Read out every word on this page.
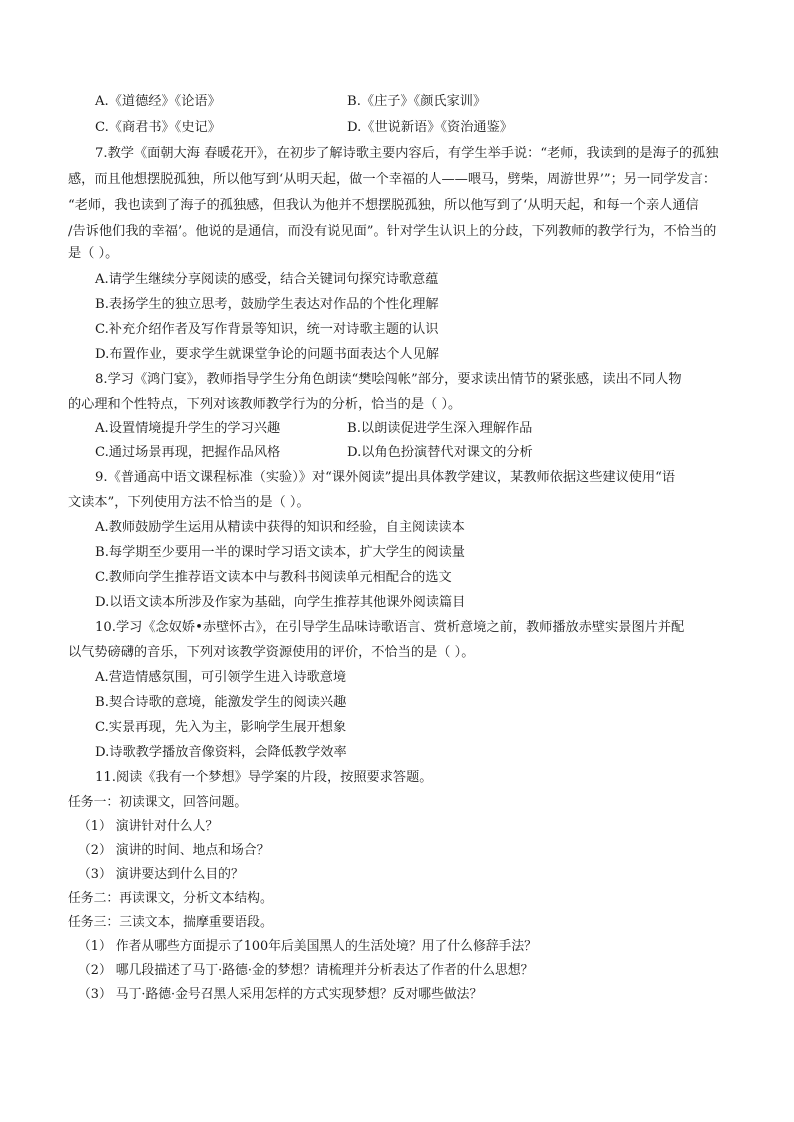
A.《道德经》《论语》	B.《庄子》《颜氏家训》
C.《商君书》《史记》	D.《世说新语》《资治通鉴》
7.教学《面朝大海 春暖花开》，在初步了解诗歌主要内容后，有学生举手说：“老师，我读到的是海子的孤独
感，而且他想摆脱孤独，所以他写到‘从明天起，做一个幸福的人——喂马，劈柴，周游世界’”；另一同学发言：
“老师，我也读到了海子的孤独感，但我认为他并不想摆脱孤独，所以他写到了‘从明天起，和每一个亲人通信
/告诉他们我的幸福’。他说的是通信，而没有说见面”。针对学生认识上的分歧，下列教师的教学行为，不恰当的
是（ ）。
A.请学生继续分享阅读的感受，结合关键词句探究诗歌意蕴
B.表扬学生的独立思考，鼓励学生表达对作品的个性化理解
C.补充介绍作者及写作背景等知识，统一对诗歌主题的认识
D.布置作业，要求学生就课堂争论的问题书面表达个人见解
8.学习《鸿门宴》，教师指导学生分角色朗读“樊哙闯帐”部分，要求读出情节的紧张感，读出不同人物
的心理和个性特点，下列对该教师教学行为的分析，恰当的是（ ）。
A.设置情境提升学生的学习兴趣	B.以朗读促进学生深入理解作品
C.通过场景再现，把握作品风格	D.以角色扮演替代对课文的分析
9.《普通高中语文课程标准（实验）》对“课外阅读”提出具体教学建议，某教师依据这些建议使用“语
文读本”，下列使用方法不恰当的是（ ）。
A.教师鼓励学生运用从精读中获得的知识和经验，自主阅读读本
B.每学期至少要用一半的课时学习语文读本，扩大学生的阅读量
C.教师向学生推荐语文读本中与教科书阅读单元相配合的选文
D.以语文读本所涉及作家为基础，向学生推荐其他课外阅读篇目
10.学习《念奴娇•赤壁怀古》，在引导学生品味诗歌语言、赏析意境之前，教师播放赤壁实景图片并配
以气势磅礴的音乐，下列对该教学资源使用的评价，不恰当的是（ ）。
A.营造情感氛围，可引领学生进入诗歌意境
B.契合诗歌的意境，能激发学生的阅读兴趣
C.实景再现，先入为主，影响学生展开想象
D.诗歌教学播放音像资料，会降低教学效率
11.阅读《我有一个梦想》导学案的片段，按照要求答题。
任务一：初读课文，回答问题。
（1） 演讲针对什么人？
（2） 演讲的时间、地点和场合？
（3） 演讲要达到什么目的？
任务二：再读课文，分析文本结构。
任务三：三读文本，揣摩重要语段。
（1） 作者从哪些方面提示了100年后美国黑人的生活处境？用了什么修辞手法？
（2） 哪几段描述了马丁·路德·金的梦想？请梳理并分析表达了作者的什么思想？
（3） 马丁·路德·金号召黑人采用怎样的方式实现梦想？反对哪些做法？
